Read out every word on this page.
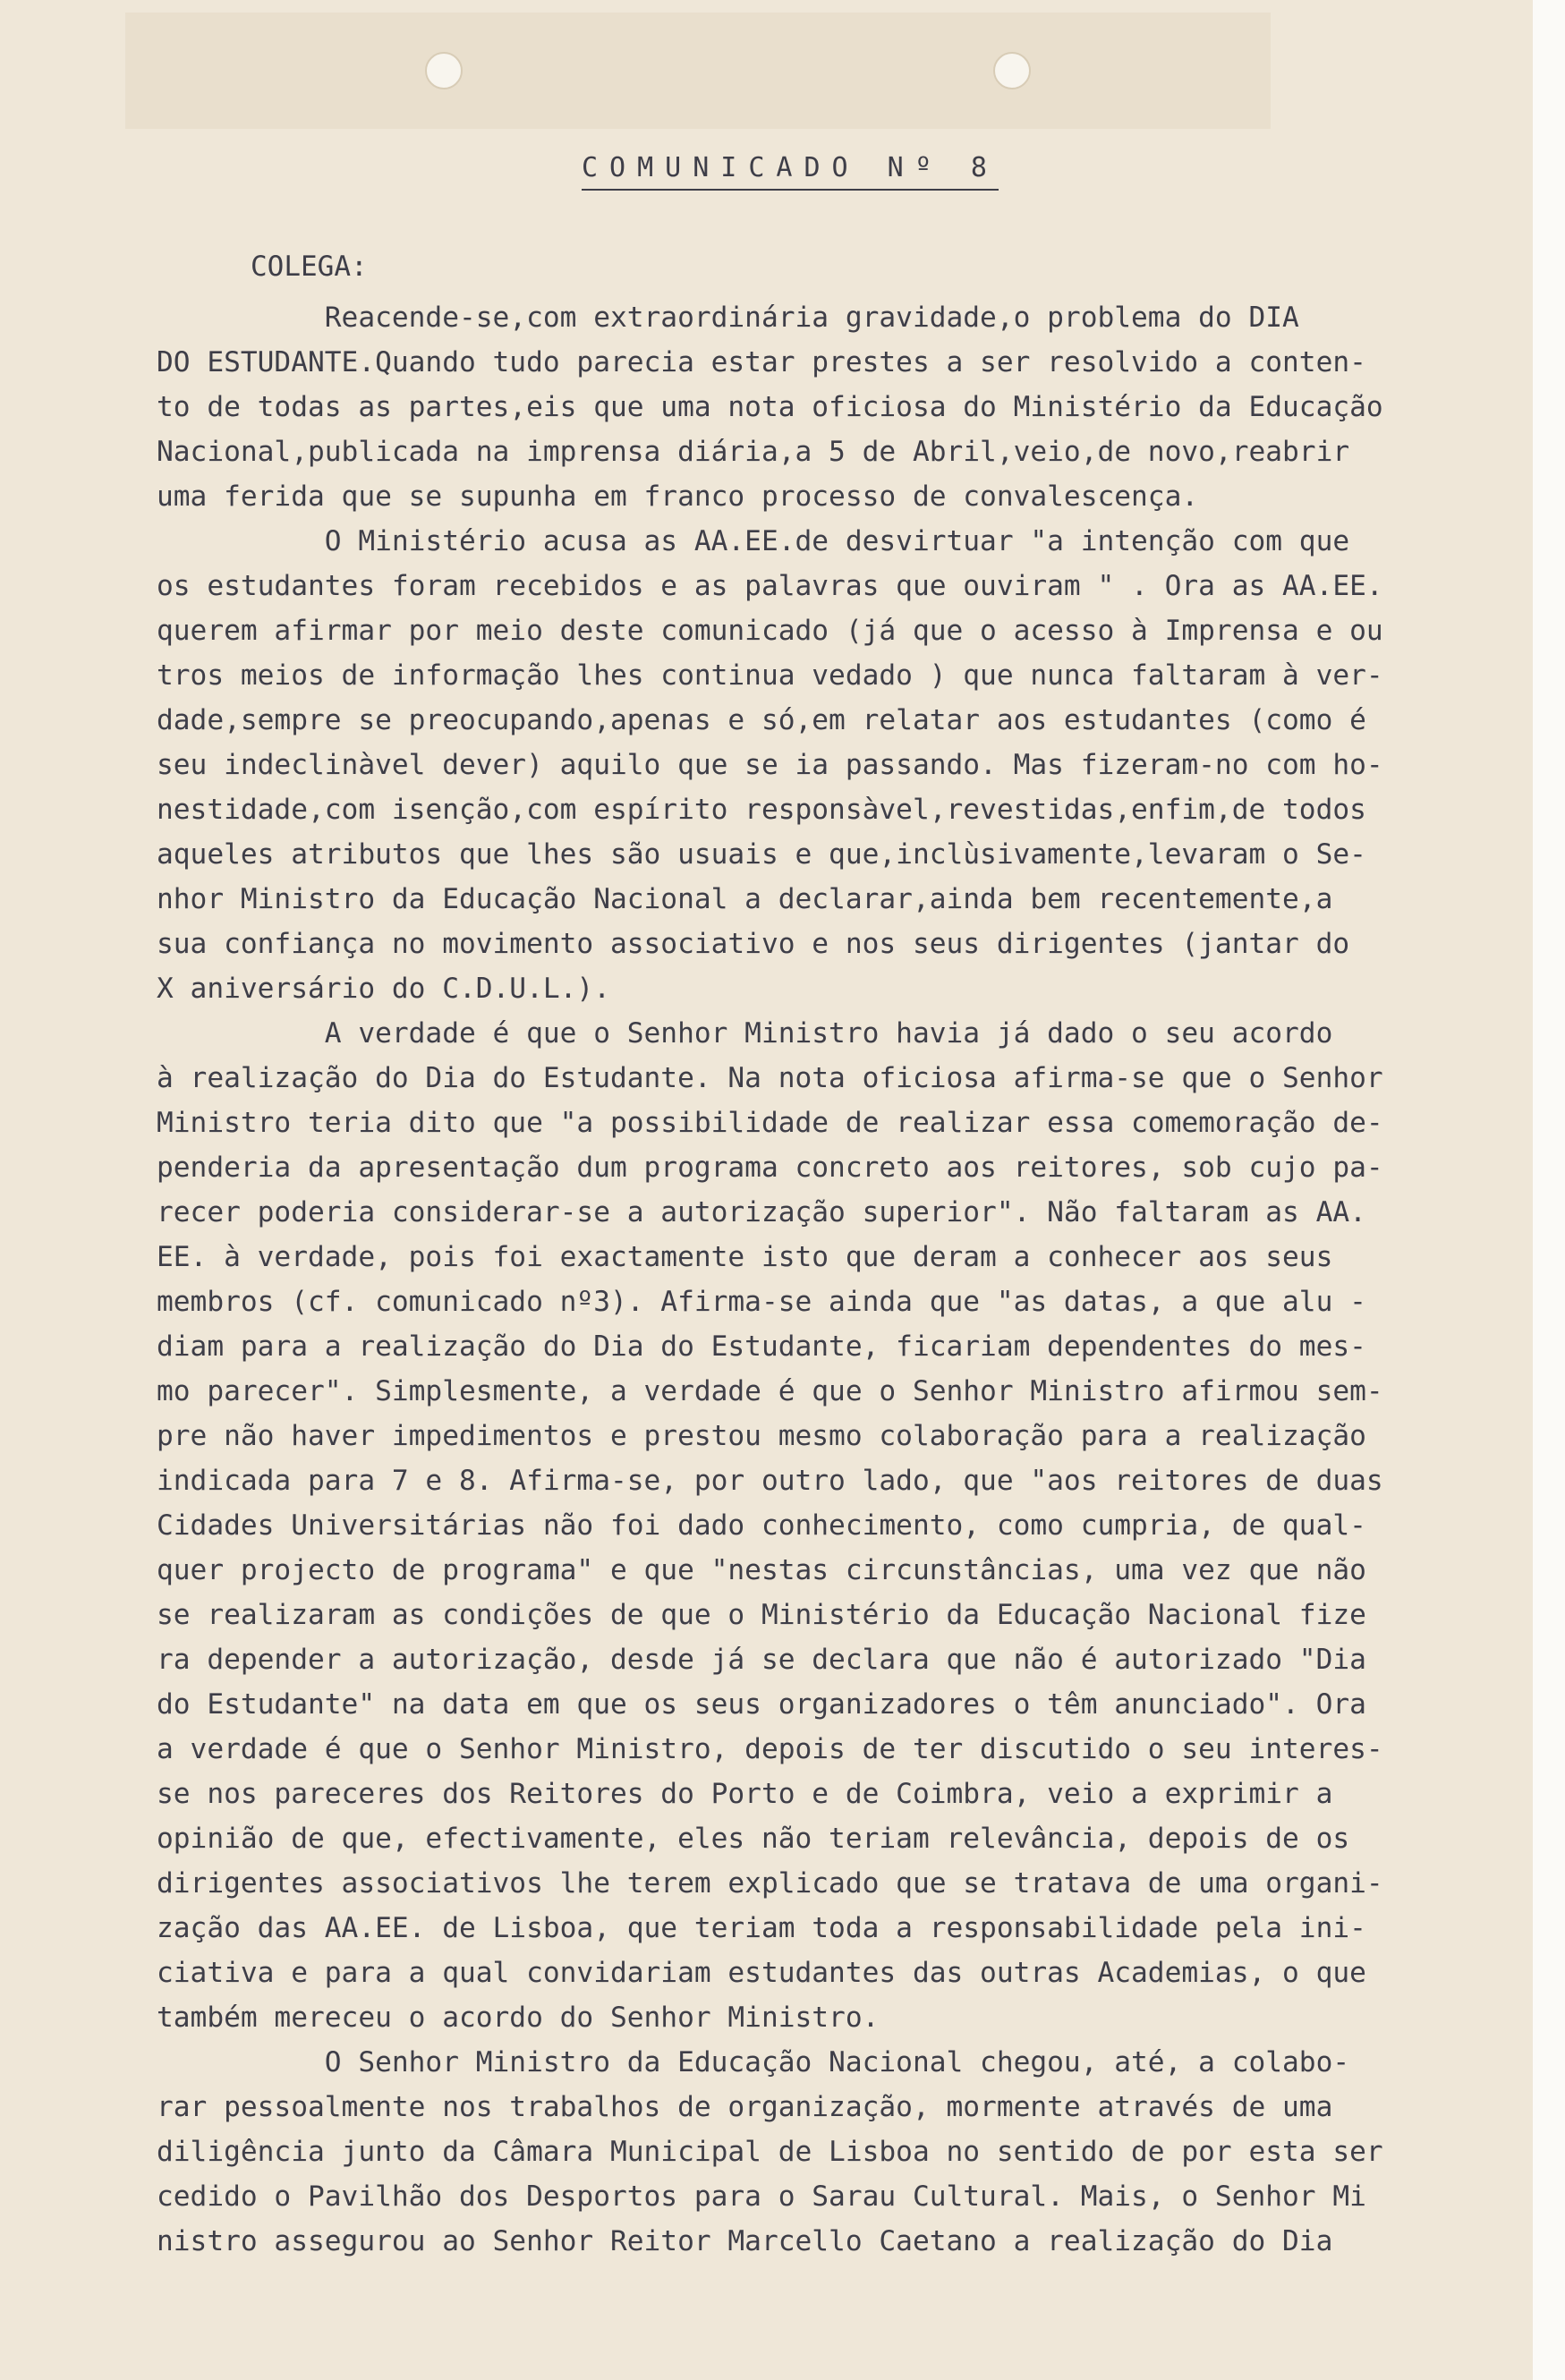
COMUNICADO Nº 8
COLEGA:
Reacende-se,com extraordinária gravidade,o problema do DIA
DO ESTUDANTE.Quando tudo parecia estar prestes a ser resolvido a conten-
to de todas as partes,eis que uma nota oficiosa do Ministério da Educação
Nacional,publicada na imprensa diária,a 5 de Abril,veio,de novo,reabrir
uma ferida que se supunha em franco processo de convalescença.
O Ministério acusa as AA.EE.de desvirtuar "a intenção com que
os estudantes foram recebidos e as palavras que ouviram " . Ora as AA.EE.
querem afirmar por meio deste comunicado (já que o acesso à Imprensa e ou
tros meios de informação lhes continua vedado ) que nunca faltaram à ver-
dade,sempre se preocupando,apenas e só,em relatar aos estudantes (como é
seu indeclinàvel dever) aquilo que se ia passando. Mas fizeram-no com ho-
nestidade,com isenção,com espírito responsàvel,revestidas,enfim,de todos
aqueles atributos que lhes são usuais e que,inclùsivamente,levaram o Se-
nhor Ministro da Educação Nacional a declarar,ainda bem recentemente,a
sua confiança no movimento associativo e nos seus dirigentes (jantar do
X aniversário do C.D.U.L.).
A verdade é que o Senhor Ministro havia já dado o seu acordo
à realização do Dia do Estudante. Na nota oficiosa afirma-se que o Senhor
Ministro teria dito que "a possibilidade de realizar essa comemoração de-
penderia da apresentação dum programa concreto aos reitores, sob cujo pa-
recer poderia considerar-se a autorização superior". Não faltaram as AA.
EE. à verdade, pois foi exactamente isto que deram a conhecer aos seus
membros (cf. comunicado nº3). Afirma-se ainda que "as datas, a que alu -
diam para a realização do Dia do Estudante, ficariam dependentes do mes-
mo parecer". Simplesmente, a verdade é que o Senhor Ministro afirmou sem-
pre não haver impedimentos e prestou mesmo colaboração para a realização
indicada para 7 e 8. Afirma-se, por outro lado, que "aos reitores de duas
Cidades Universitárias não foi dado conhecimento, como cumpria, de qual-
quer projecto de programa" e que "nestas circunstâncias, uma vez que não
se realizaram as condições de que o Ministério da Educação Nacional fize
ra depender a autorização, desde já se declara que não é autorizado "Dia
do Estudante" na data em que os seus organizadores o têm anunciado". Ora
a verdade é que o Senhor Ministro, depois de ter discutido o seu interes-
se nos pareceres dos Reitores do Porto e de Coimbra, veio a exprimir a
opinião de que, efectivamente, eles não teriam relevância, depois de os
dirigentes associativos lhe terem explicado que se tratava de uma organi-
zação das AA.EE. de Lisboa, que teriam toda a responsabilidade pela ini-
ciativa e para a qual convidariam estudantes das outras Academias, o que
também mereceu o acordo do Senhor Ministro.
O Senhor Ministro da Educação Nacional chegou, até, a colabo-
rar pessoalmente nos trabalhos de organização, mormente através de uma
diligência junto da Câmara Municipal de Lisboa no sentido de por esta ser
cedido o Pavilhão dos Desportos para o Sarau Cultural. Mais, o Senhor Mi
nistro assegurou ao Senhor Reitor Marcello Caetano a realização do Dia
